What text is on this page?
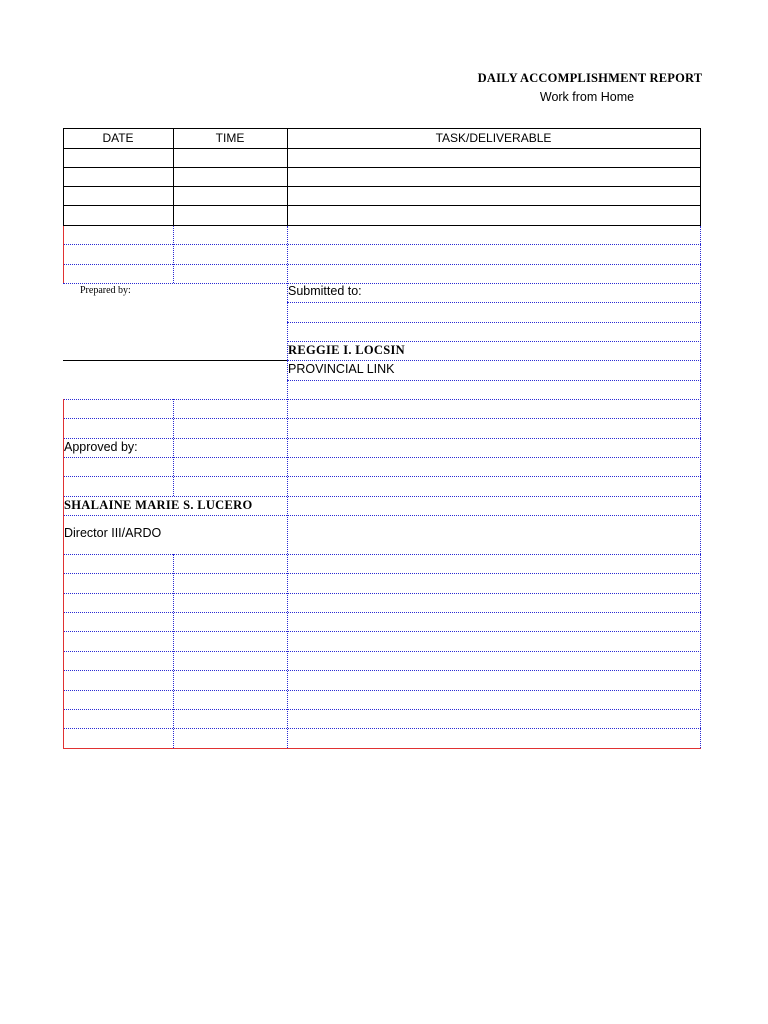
DAILY ACCOMPLISHMENT REPORT
Work from Home
DATE	TIME	TASK/DELIVERABLE
Prepared by:	Submitted to:
REGGIE I. LOCSIN
PROVINCIAL LINK
Approved by:
SHALAINE MARIE S. LUCERO
Director III/ARDO
